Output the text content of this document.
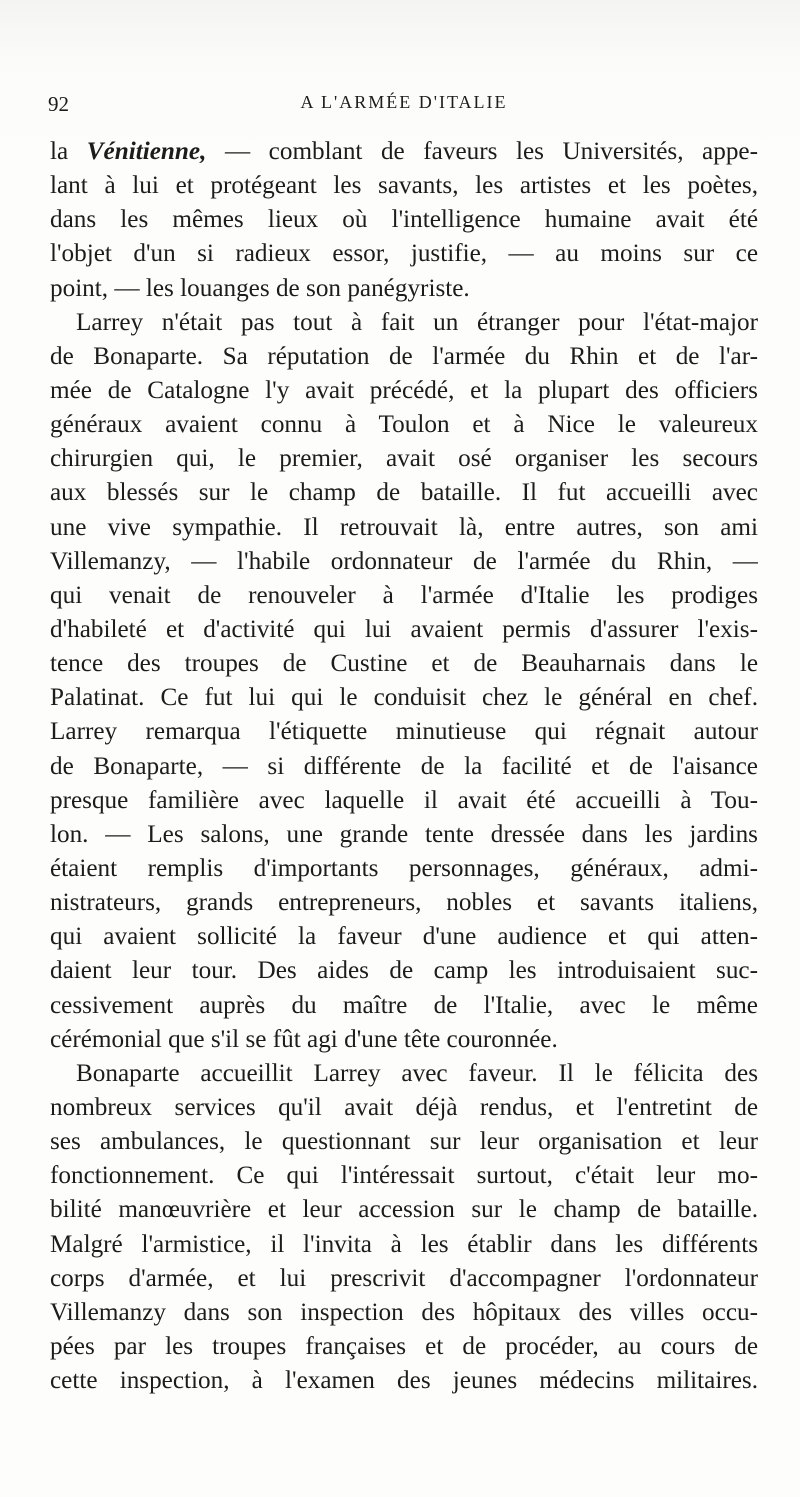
92	A L'ARMÉE D'ITALIE
la Vénitienne, — comblant de faveurs les Universités, appe-
lant à lui et protégeant les savants, les artistes et les poètes,
dans les mêmes lieux où l'intelligence humaine avait été
l'objet d'un si radieux essor, justifie, — au moins sur ce
point, — les louanges de son panégyriste.
Larrey n'était pas tout à fait un étranger pour l'état-major
de Bonaparte. Sa réputation de l'armée du Rhin et de l'ar-
mée de Catalogne l'y avait précédé, et la plupart des officiers
généraux avaient connu à Toulon et à Nice le valeureux
chirurgien qui, le premier, avait osé organiser les secours
aux blessés sur le champ de bataille. Il fut accueilli avec
une vive sympathie. Il retrouvait là, entre autres, son ami
Villemanzy, — l'habile ordonnateur de l'armée du Rhin, —
qui venait de renouveler à l'armée d'Italie les prodiges
d'habileté et d'activité qui lui avaient permis d'assurer l'exis-
tence des troupes de Custine et de Beauharnais dans le
Palatinat. Ce fut lui qui le conduisit chez le général en chef.
Larrey remarqua l'étiquette minutieuse qui régnait autour
de Bonaparte, — si différente de la facilité et de l'aisance
presque familière avec laquelle il avait été accueilli à Tou-
lon. — Les salons, une grande tente dressée dans les jardins
étaient remplis d'importants personnages, généraux, admi-
nistrateurs, grands entrepreneurs, nobles et savants italiens,
qui avaient sollicité la faveur d'une audience et qui atten-
daient leur tour. Des aides de camp les introduisaient suc-
cessivement auprès du maître de l'Italie, avec le même
cérémonial que s'il se fût agi d'une tête couronnée.
Bonaparte accueillit Larrey avec faveur. Il le félicita des
nombreux services qu'il avait déjà rendus, et l'entretint de
ses ambulances, le questionnant sur leur organisation et leur
fonctionnement. Ce qui l'intéressait surtout, c'était leur mo-
bilité manœuvrière et leur accession sur le champ de bataille.
Malgré l'armistice, il l'invita à les établir dans les différents
corps d'armée, et lui prescrivit d'accompagner l'ordonnateur
Villemanzy dans son inspection des hôpitaux des villes occu-
pées par les troupes françaises et de procéder, au cours de
cette inspection, à l'examen des jeunes médecins militaires.
